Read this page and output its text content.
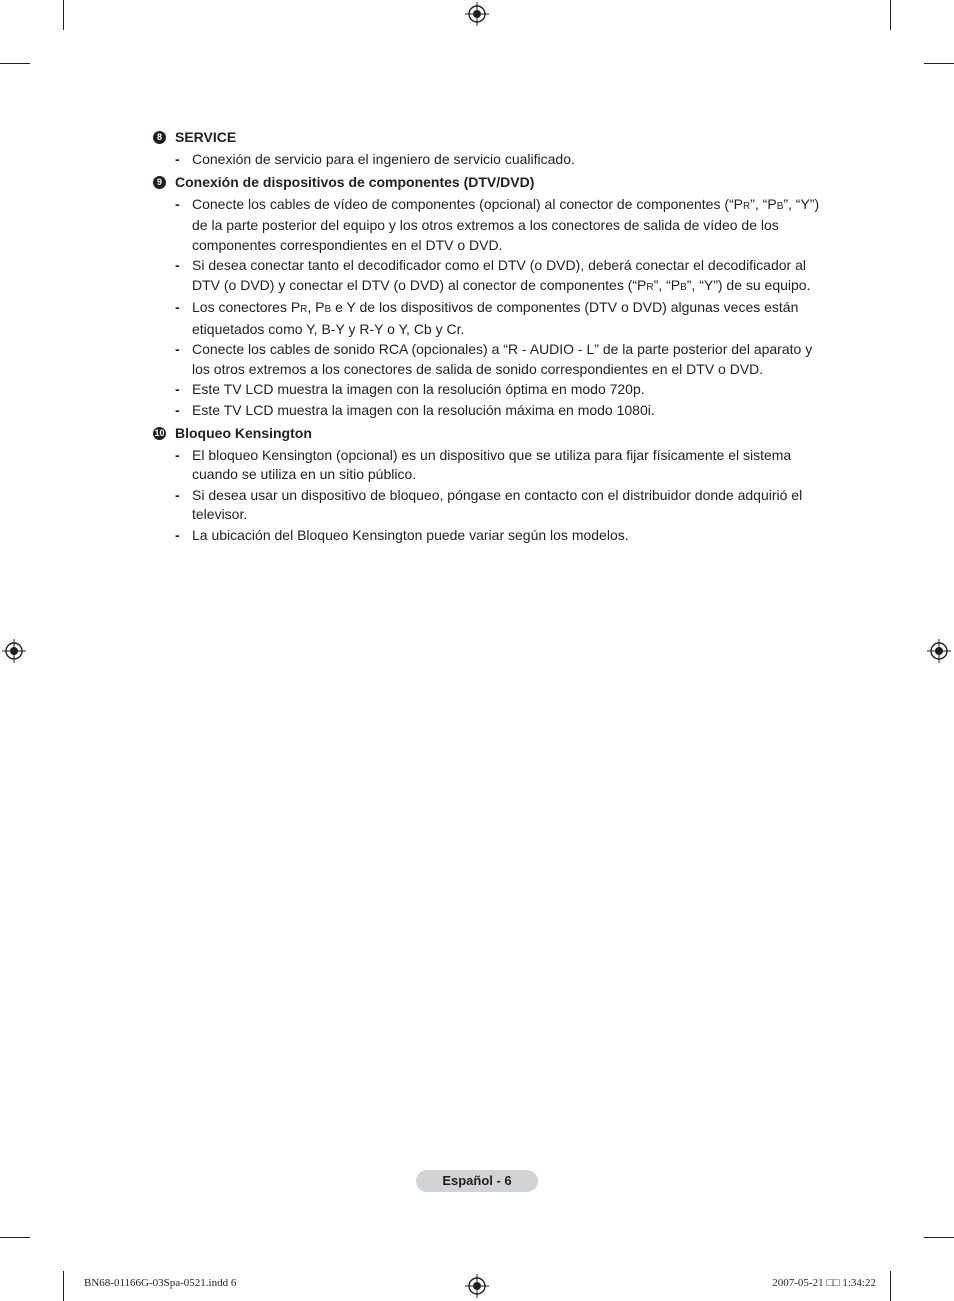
8 SERVICE
- Conexión de servicio para el ingeniero de servicio cualificado.
9 Conexión de dispositivos de componentes (DTV/DVD)
- Conecte los cables de vídeo de componentes (opcional) al conector de componentes (“PR”, “PB”, “Y”) de la parte posterior del equipo y los otros extremos a los conectores de salida de vídeo de los componentes correspondientes en el DTV o DVD.
- Si desea conectar tanto el decodificador como el DTV (o DVD), deberá conectar el decodificador al DTV (o DVD) y conectar el DTV (o DVD) al conector de componentes (“PR”, “PB”, “Y”) de su equipo.
- Los conectores PR, PB e Y de los dispositivos de componentes (DTV o DVD) algunas veces están etiquetados como Y, B-Y y R-Y o Y, Cb y Cr.
- Conecte los cables de sonido RCA (opcionales) a “R - AUDIO - L” de la parte posterior del aparato y los otros extremos a los conectores de salida de sonido correspondientes en el DTV o DVD.
- Este TV LCD muestra la imagen con la resolución óptima en modo 720p.
- Este TV LCD muestra la imagen con la resolución máxima en modo 1080i.
10 Bloqueo Kensington
- El bloqueo Kensington (opcional) es un dispositivo que se utiliza para fijar físicamente el sistema cuando se utiliza en un sitio público.
- Si desea usar un dispositivo de bloqueo, póngase en contacto con el distribuidor donde adquirió el televisor.
- La ubicación del Bloqueo Kensington puede variar según los modelos.
Español - 6
BN68-01166G-03Spa-0521.indd 6	2007-05-21 □□ 1:34:22
